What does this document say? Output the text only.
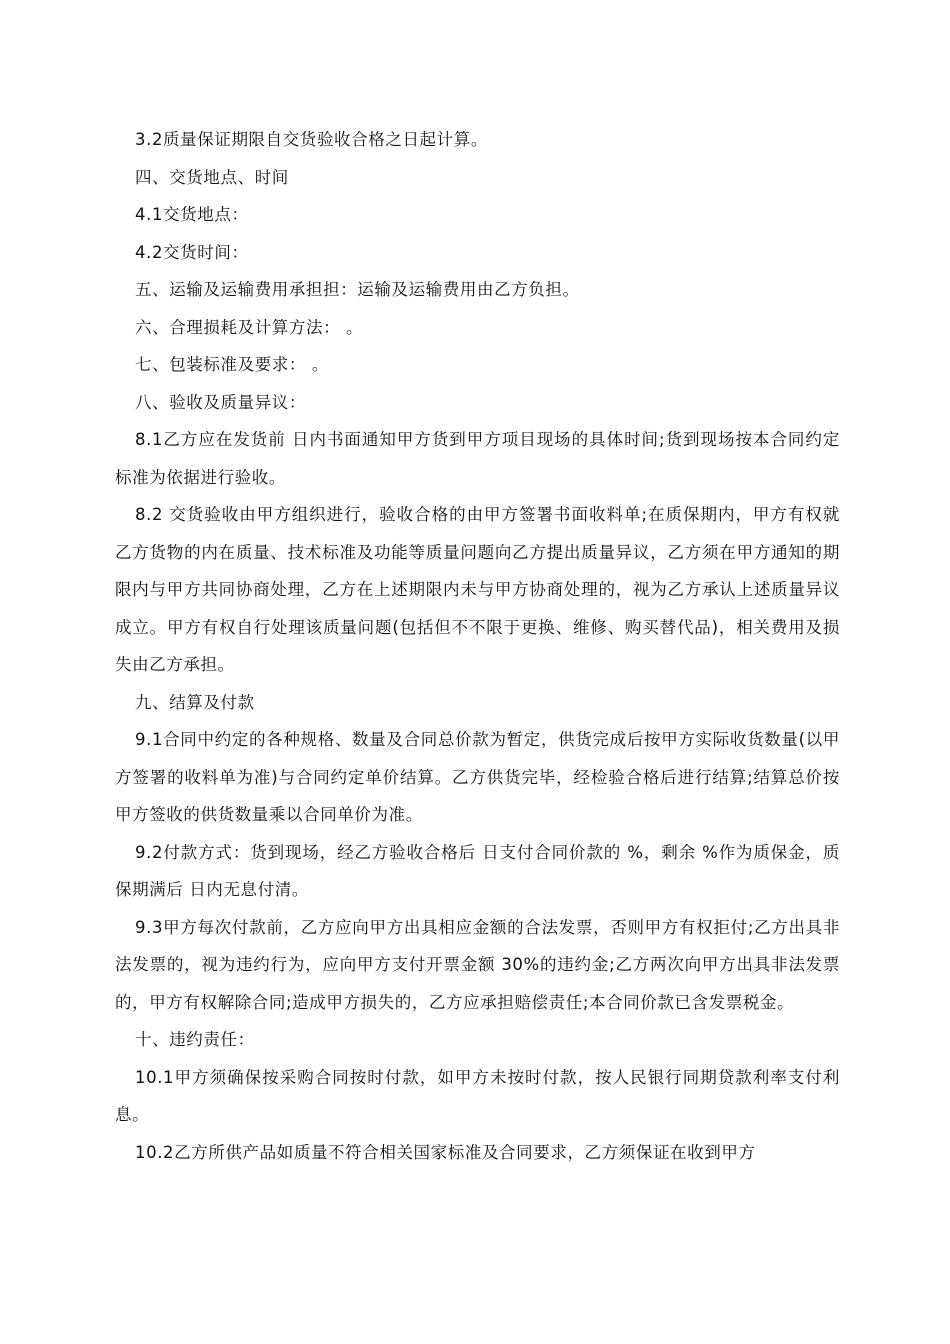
3.2质量保证期限自交货验收合格之日起计算。

四、交货地点、时间

4.1交货地点：

4.2交货时间：

五、运输及运输费用承担担：运输及运输费用由乙方负担。

六、合理损耗及计算方法： 。

七、包装标准及要求： 。

八、验收及质量异议：

8.1乙方应在发货前 日内书面通知甲方货到甲方项目现场的具体时间;货到现场按本合同约定标准为依据进行验收。

8.2 交货验收由甲方组织进行，验收合格的由甲方签署书面收料单;在质保期内，甲方有权就乙方货物的内在质量、技术标准及功能等质量问题向乙方提出质量异议，乙方须在甲方通知的期限内与甲方共同协商处理，乙方在上述期限内未与甲方协商处理的，视为乙方承认上述质量异议成立。甲方有权自行处理该质量问题(包括但不不限于更换、维修、购买替代品)，相关费用及损失由乙方承担。

九、结算及付款

9.1合同中约定的各种规格、数量及合同总价款为暂定，供货完成后按甲方实际收货数量(以甲方签署的收料单为准)与合同约定单价结算。乙方供货完毕，经检验合格后进行结算;结算总价按甲方签收的供货数量乘以合同单价为准。

9.2付款方式：货到现场，经乙方验收合格后 日支付合同价款的 %，剩余 %作为质保金，质保期满后 日内无息付清。

9.3甲方每次付款前，乙方应向甲方出具相应金额的合法发票，否则甲方有权拒付;乙方出具非法发票的，视为违约行为，应向甲方支付开票金额 30%的违约金;乙方两次向甲方出具非法发票的，甲方有权解除合同;造成甲方损失的，乙方应承担赔偿责任;本合同价款已含发票税金。

十、违约责任：

10.1甲方须确保按采购合同按时付款，如甲方未按时付款，按人民银行同期贷款利率支付利息。

10.2乙方所供产品如质量不符合相关国家标准及合同要求，乙方须保证在收到甲方
